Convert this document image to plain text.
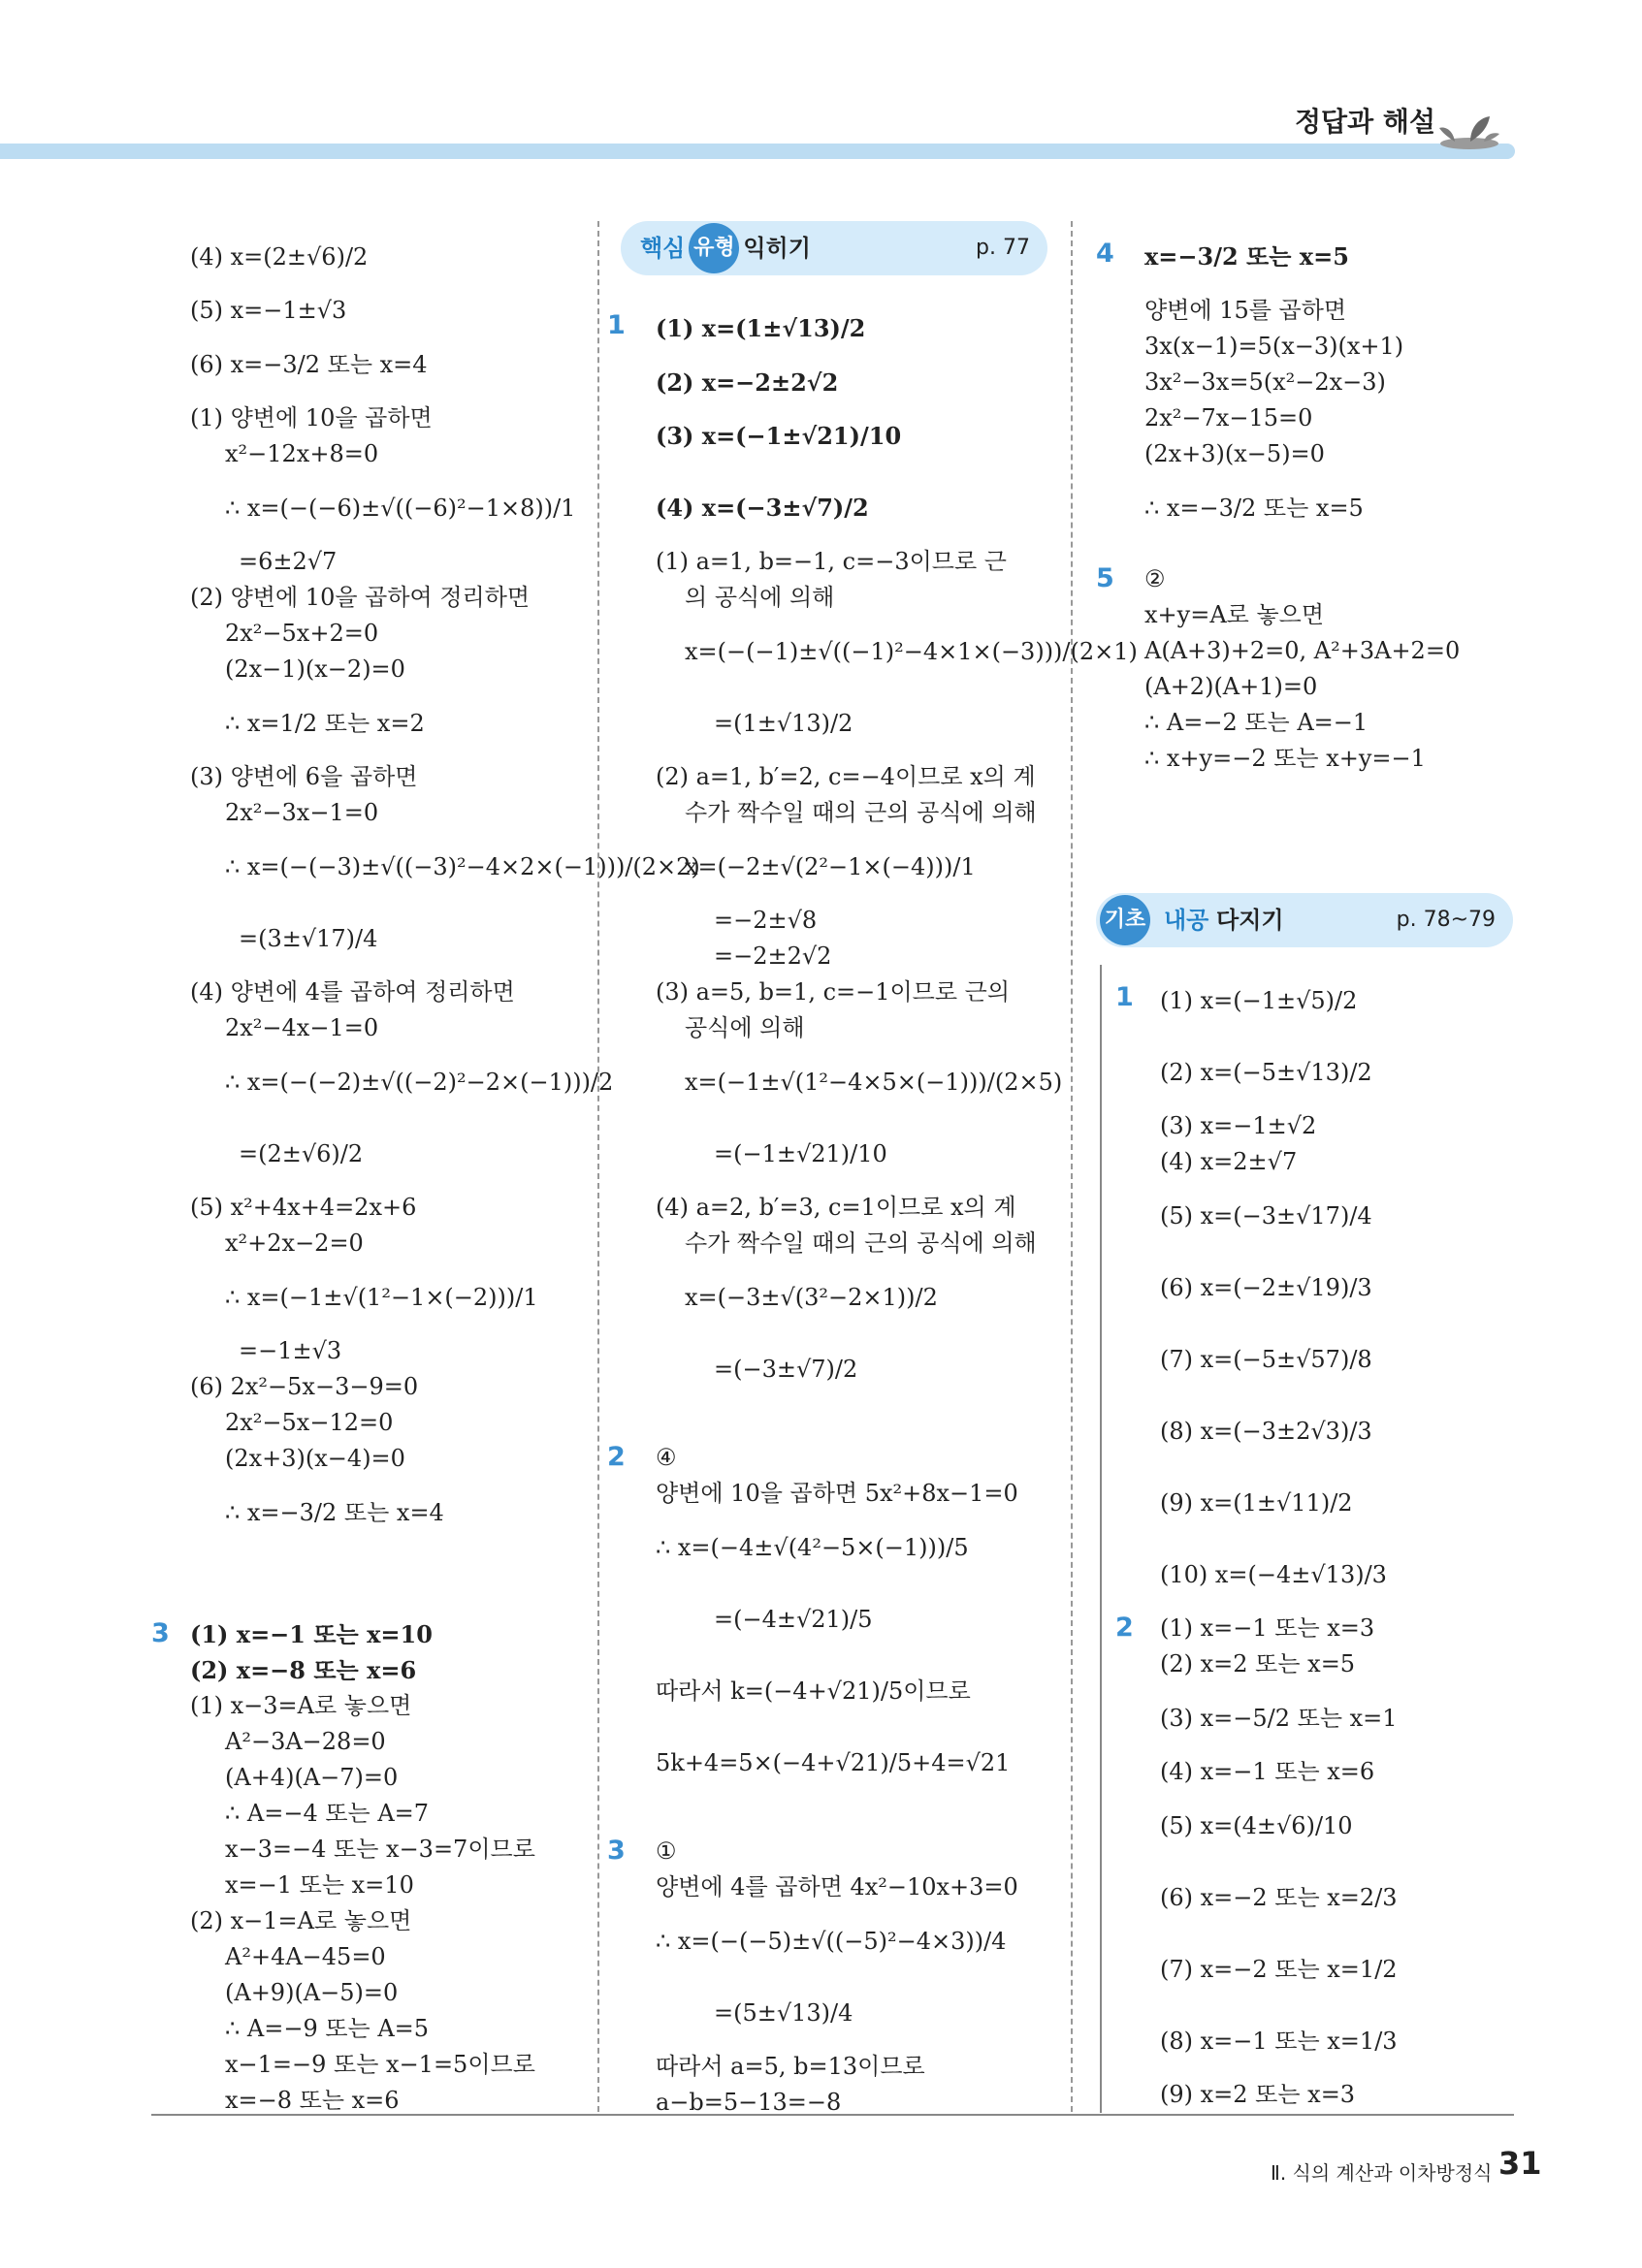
정답과 해설
(4) x=(2±√6)/2
(5) x=−1±√3
(6) x=−3/2 또는 x=4
(1) 양변에 10을 곱하면
x²−12x+8=0
∴ x=(−(−6)±√((−6)²−1×8))/1
=6±2√7
(2) 양변에 10을 곱하여 정리하면
2x²−5x+2=0
(2x−1)(x−2)=0
∴ x=1/2 또는 x=2
(3) 양변에 6을 곱하면
2x²−3x−1=0
∴ x=(−(−3)±√((−3)²−4×2×(−1)))/(2×2)
=(3±√17)/4
(4) 양변에 4를 곱하여 정리하면
2x²−4x−1=0
∴ x=(−(−2)±√((−2)²−2×(−1)))/2
=(2±√6)/2
(5) x²+4x+4=2x+6
x²+2x−2=0
∴ x=(−1±√(1²−1×(−2)))/1
=−1±√3
(6) 2x²−5x−3−9=0
2x²−5x−12=0
(2x+3)(x−4)=0
∴ x=−3/2 또는 x=4
3 (1) x=−1 또는 x=10
(2) x=−8 또는 x=6
(1) x−3=A로 놓으면
A²−3A−28=0
(A+4)(A−7)=0
∴ A=−4 또는 A=7
x−3=−4 또는 x−3=7이므로
x=−1 또는 x=10
(2) x−1=A로 놓으면
A²+4A−45=0
(A+9)(A−5)=0
∴ A=−9 또는 A=5
x−1=−9 또는 x−1=5이므로
x=−8 또는 x=6
핵심 유형 익히기	p. 77
1	(1) x=(1±√13)/2
(2) x=−2±2√2
(3) x=(−1±√21)/10
(4) x=(−3±√7)/2
(1) a=1, b=−1, c=−3이므로 근
의 공식에 의해
x=(−(−1)±√((−1)²−4×1×(−3)))/(2×1)
=(1±√13)/2
(2) a=1, b′=2, c=−4이므로 x의 계
수가 짝수일 때의 근의 공식에 의해
x=(−2±√(2²−1×(−4)))/1
=−2±√8
=−2±2√2
(3) a=5, b=1, c=−1이므로 근의
공식에 의해
x=(−1±√(1²−4×5×(−1)))/(2×5)
=(−1±√21)/10
(4) a=2, b′=3, c=1이므로 x의 계
수가 짝수일 때의 근의 공식에 의해
x=(−3±√(3²−2×1))/2
=(−3±√7)/2
2	④
양변에 10을 곱하면 5x²+8x−1=0
∴ x=(−4±√(4²−5×(−1)))/5
=(−4±√21)/5
따라서 k=(−4+√21)/5이므로
5k+4=5×(−4+√21)/5+4=√21
3	①
양변에 4를 곱하면 4x²−10x+3=0
∴ x=(−(−5)±√((−5)²−4×3))/4
=(5±√13)/4
따라서 a=5, b=13이므로
a−b=5−13=−8
4	x=−3/2 또는 x=5
양변에 15를 곱하면
3x(x−1)=5(x−3)(x+1)
3x²−3x=5(x²−2x−3)
2x²−7x−15=0
(2x+3)(x−5)=0
∴ x=−3/2 또는 x=5
5	②
x+y=A로 놓으면
A(A+3)+2=0, A²+3A+2=0
(A+2)(A+1)=0
∴ A=−2 또는 A=−1
∴ x+y=−2 또는 x+y=−1
기초 내공 다지기	p. 78~79
1	(1) x=(−1±√5)/2
(2) x=(−5±√13)/2
(3) x=−1±√2
(4) x=2±√7
(5) x=(−3±√17)/4
(6) x=(−2±√19)/3
(7) x=(−5±√57)/8
(8) x=(−3±2√3)/3
(9) x=(1±√11)/2
(10) x=(−4±√13)/3
2	(1) x=−1 또는 x=3
(2) x=2 또는 x=5
(3) x=−5/2 또는 x=1
(4) x=−1 또는 x=6
(5) x=(4±√6)/10
(6) x=−2 또는 x=2/3
(7) x=−2 또는 x=1/2
(8) x=−1 또는 x=1/3
(9) x=2 또는 x=3
Ⅱ. 식의 계산과 이차방정식 31
